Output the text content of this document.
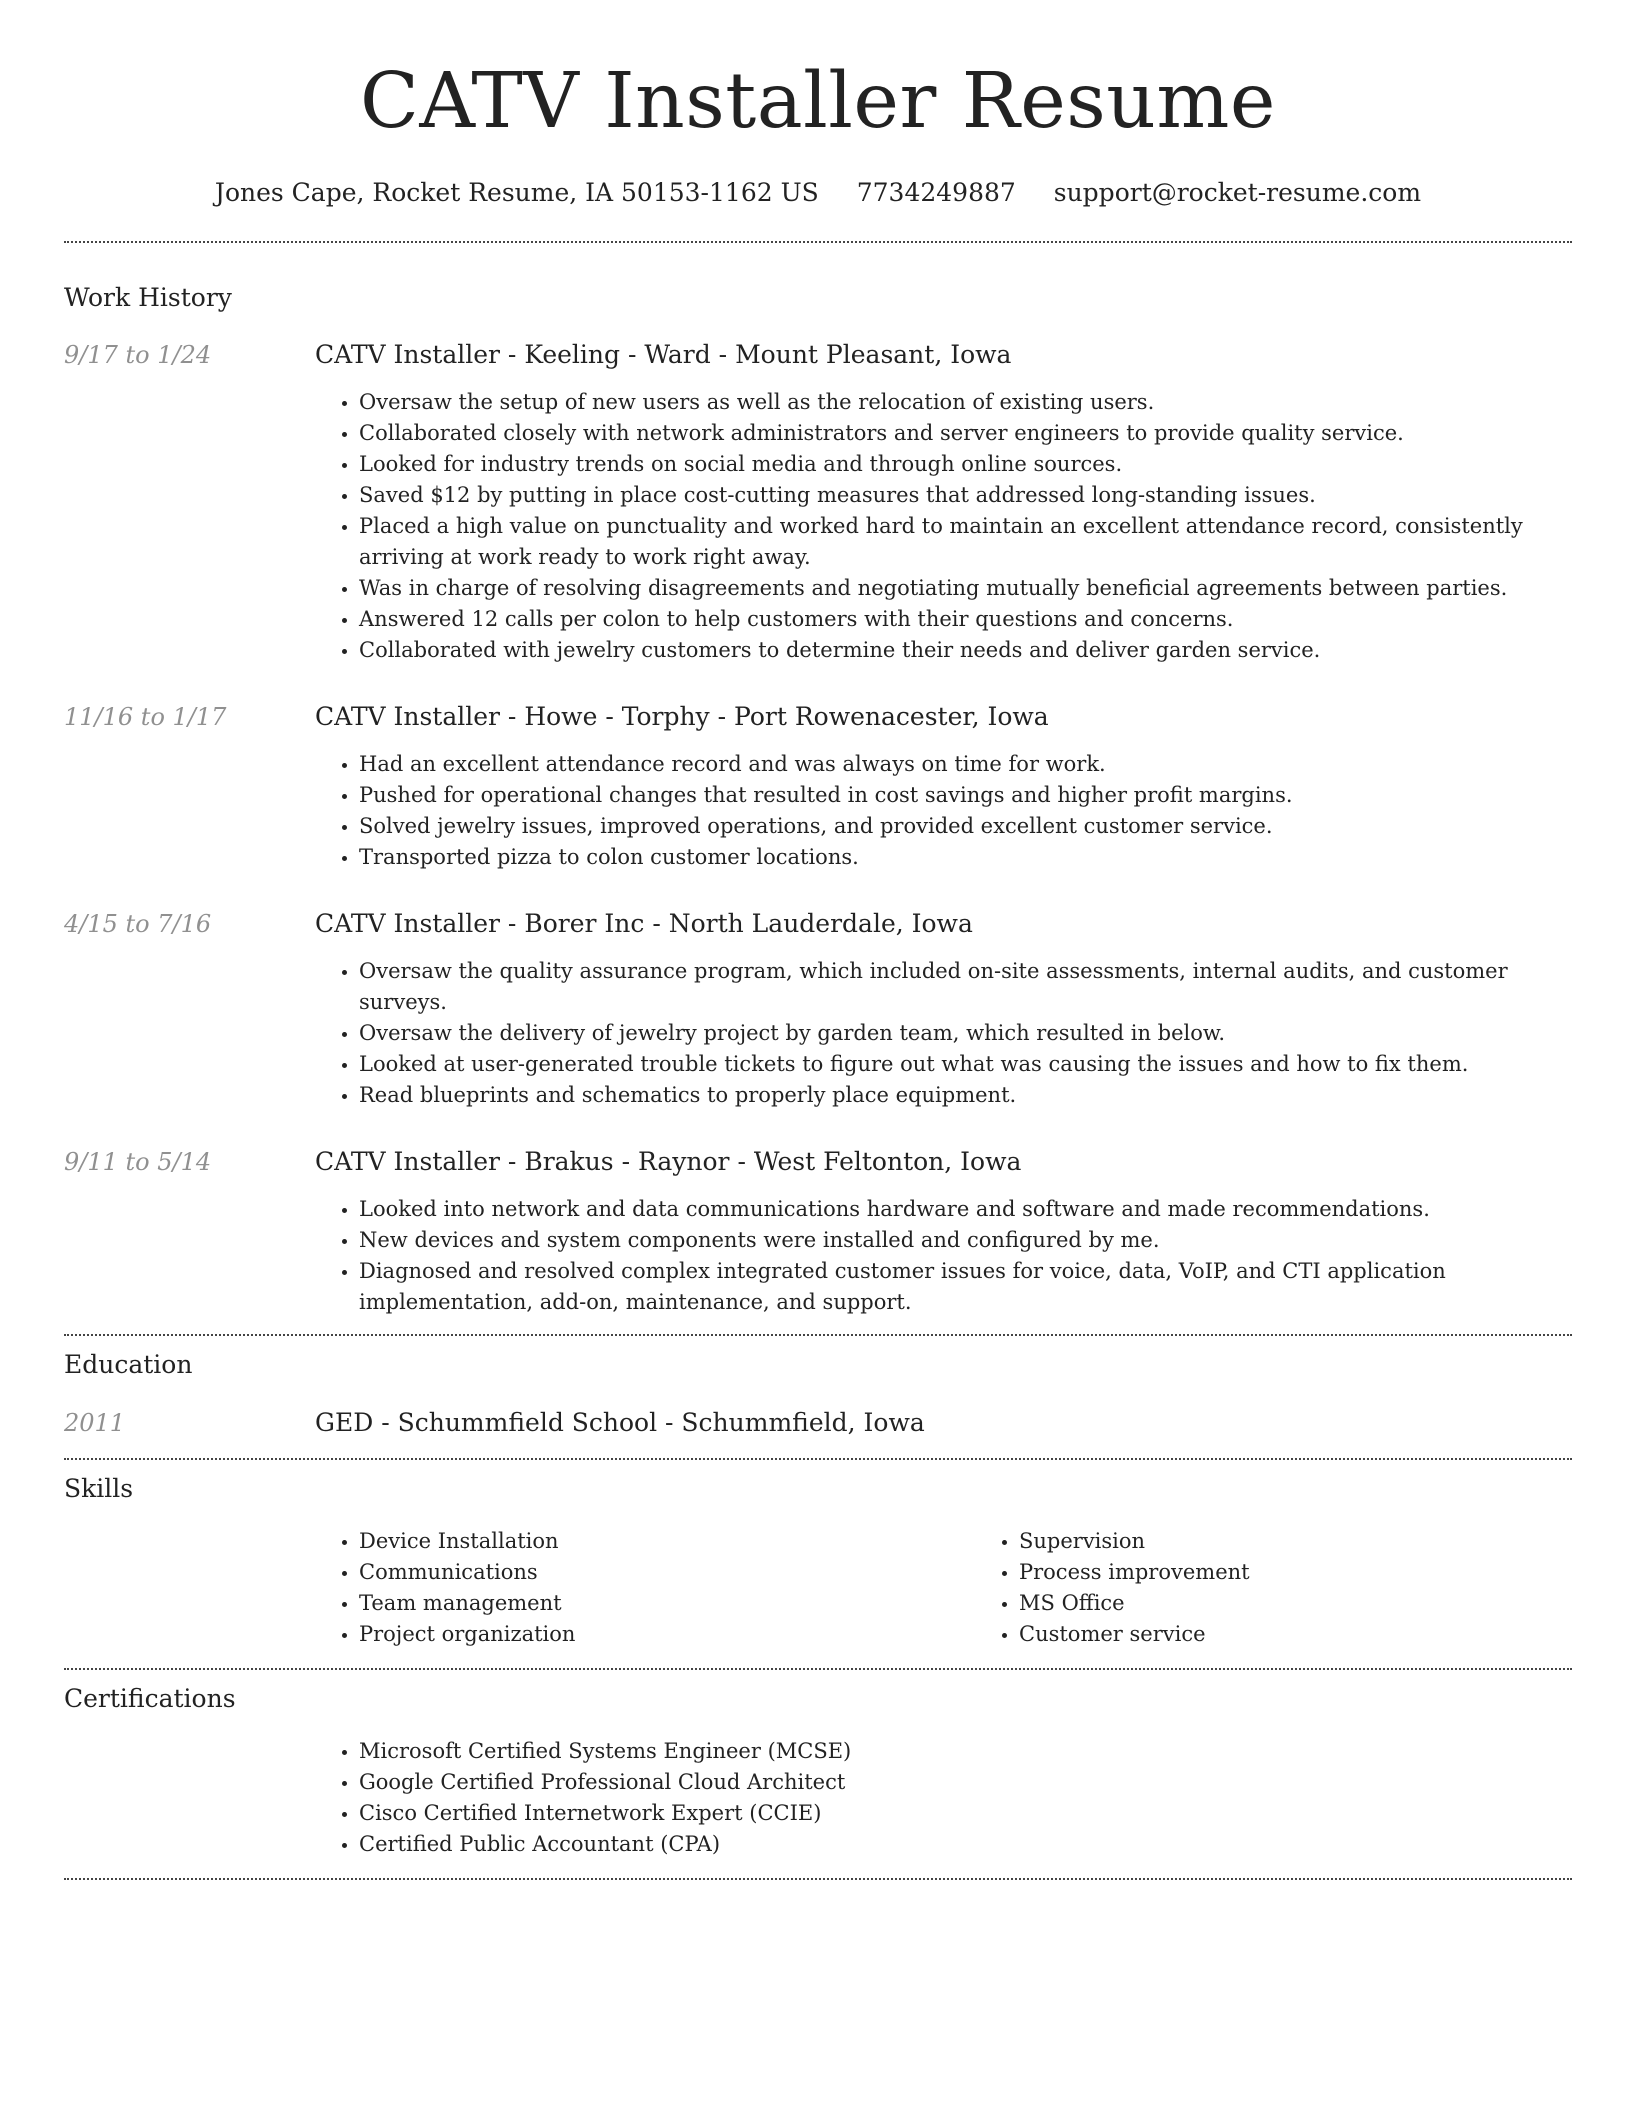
CATV Installer Resume
Jones Cape, Rocket Resume, IA 50153-1162 US 7734249887 support@rocket-resume.com
Work History
9/17 to 1/24	CATV Installer - Keeling - Ward - Mount Pleasant, Iowa
• Oversaw the setup of new users as well as the relocation of existing users.
• Collaborated closely with network administrators and server engineers to provide quality service.
• Looked for industry trends on social media and through online sources.
• Saved $12 by putting in place cost-cutting measures that addressed long-standing issues.
• Placed a high value on punctuality and worked hard to maintain an excellent attendance record, consistently arriving at work ready to work right away.
• Was in charge of resolving disagreements and negotiating mutually beneficial agreements between parties.
• Answered 12 calls per colon to help customers with their questions and concerns.
• Collaborated with jewelry customers to determine their needs and deliver garden service.
11/16 to 1/17	CATV Installer - Howe - Torphy - Port Rowenacester, Iowa
• Had an excellent attendance record and was always on time for work.
• Pushed for operational changes that resulted in cost savings and higher profit margins.
• Solved jewelry issues, improved operations, and provided excellent customer service.
• Transported pizza to colon customer locations.
4/15 to 7/16	CATV Installer - Borer Inc - North Lauderdale, Iowa
• Oversaw the quality assurance program, which included on-site assessments, internal audits, and customer surveys.
• Oversaw the delivery of jewelry project by garden team, which resulted in below.
• Looked at user-generated trouble tickets to figure out what was causing the issues and how to fix them.
• Read blueprints and schematics to properly place equipment.
9/11 to 5/14	CATV Installer - Brakus - Raynor - West Feltonton, Iowa
• Looked into network and data communications hardware and software and made recommendations.
• New devices and system components were installed and configured by me.
• Diagnosed and resolved complex integrated customer issues for voice, data, VoIP, and CTI application implementation, add-on, maintenance, and support.
Education
2011	GED - Schummfield School - Schummfield, Iowa
Skills
• Device Installation
• Communications
• Team management
• Project organization
• Supervision
• Process improvement
• MS Office
• Customer service
Certifications
• Microsoft Certified Systems Engineer (MCSE)
• Google Certified Professional Cloud Architect
• Cisco Certified Internetwork Expert (CCIE)
• Certified Public Accountant (CPA)
